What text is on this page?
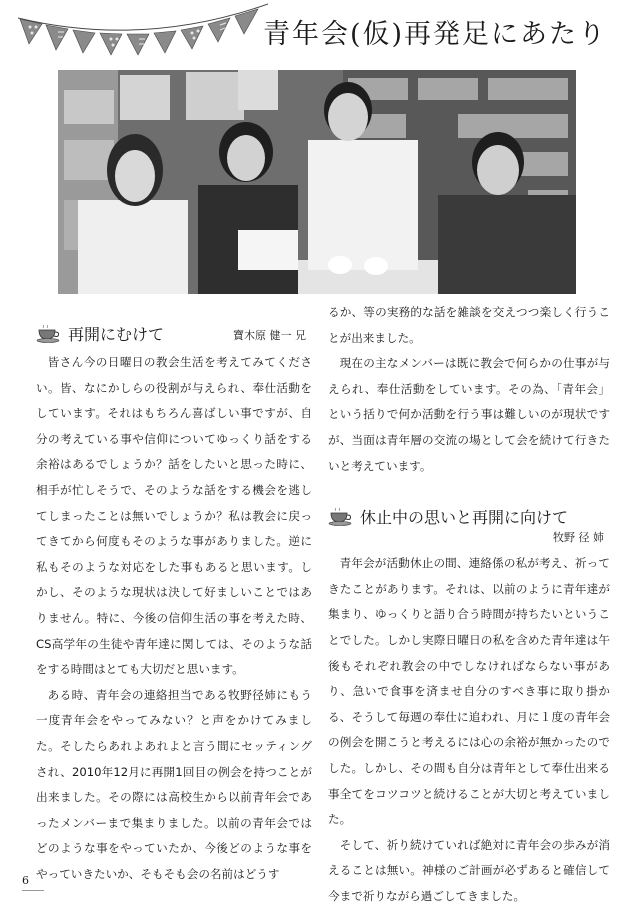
青年会(仮)再発足にあたり
再開にむけて	寶木原 健一 兄

皆さん今の日曜日の教会生活を考えてみてください。皆、なにかしらの役割が与えられ、奉仕活動をしています。それはもちろん喜ばしい事ですが、自分の考えている事や信仰についてゆっくり話をする余裕はあるでしょうか？話をしたいと思った時に、相手が忙しそうで、そのような話をする機会を逃してしまったことは無いでしょうか？私は教会に戻ってきてから何度もそのような事がありました。逆に私もそのような対応をした事もあると思います。しかし、そのような現状は決して好ましいことではありません。特に、今後の信仰生活の事を考えた時、CS高学年の生徒や青年達に関しては、そのような話をする時間はとても大切だと思います。

ある時、青年会の連絡担当である牧野径姉にもう一度青年会をやってみない？と声をかけてみました。そしたらあれよあれよと言う間にセッティングされ、2010年12月に再開1回目の例会を持つことが出来ました。その際には高校生から以前青年会であったメンバーまで集まりました。以前の青年会ではどのような事をやっていたか、今後どのような事をやっていきたいか、そもそも会の名前はどうす

るか、等の実務的な話を雑談を交えつつ楽しく行うことが出来ました。

現在の主なメンバーは既に教会で何らかの仕事が与えられ、奉仕活動をしています。その為、「青年会」という括りで何か活動を行う事は難しいのが現状ですが、当面は青年層の交流の場として会を続けて行きたいと考えています。

休止中の思いと再開に向けて
牧野 径 姉

青年会が活動休止の間、連絡係の私が考え、祈ってきたことがあります。それは、以前のように青年達が集まり、ゆっくりと語り合う時間が持ちたいということでした。しかし実際日曜日の私を含めた青年達は午後もそれぞれ教会の中でしなければならない事があり、急いで食事を済ませ自分のすべき事に取り掛かる、そうして毎週の奉仕に追われ、月に１度の青年会の例会を開こうと考えるには心の余裕が無かったのでした。しかし、その間も自分は青年として奉仕出来る事全てをコツコツと続けることが大切と考えていました。

そして、祈り続けていれば絶対に青年会の歩みが消えることは無い。神様のご計画が必ずあると確信して今まで祈りながら過ごしてきました。

6
